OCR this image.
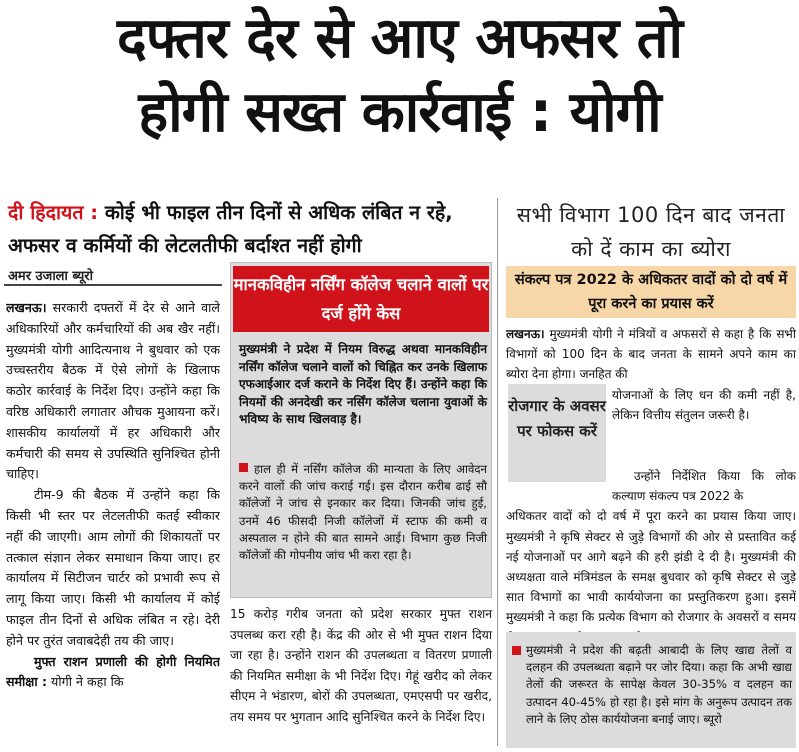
दफ्तर देर से आए अफसर तो
होगी सख्त कार्रवाई : योगी
दी हिदायत : कोई भी फाइल तीन दिनों से अधिक लंबित न रहे, अफसर व कर्मियों की लेटलतीफी बर्दाश्त नहीं होगी
अमर उजाला ब्यूरो

लखनऊ। सरकारी दफ्तरों में देर से आने वाले अधिकारियों और कर्मचारियों की अब खैर नहीं। मुख्यमंत्री योगी आदित्यनाथ ने बुधवार को एक उच्चस्तरीय बैठक में ऐसे लोगों के खिलाफ कठोर कार्रवाई के निर्देश दिए। उन्होंने कहा कि वरिष्ठ अधिकारी लगातार औचक मुआयना करें। शासकीय कार्यालयों में हर अधिकारी और कर्मचारी की समय से उपस्थिति सुनिश्चित होनी चाहिए।

टीम-9 की बैठक में उन्होंने कहा कि किसी भी स्तर पर लेटलतीफी कतई स्वीकार नहीं की जाएगी। आम लोगों की शिकायतों पर तत्काल संज्ञान लेकर समाधान किया जाए। हर कार्यालय में सिटीजन चार्टर को प्रभावी रूप से लागू किया जाए। किसी भी कार्यालय में कोई फाइल तीन दिनों से अधिक लंबित न रहे। देरी होने पर तुरंत जवाबदेही तय की जाए।

मुफ्त राशन प्रणाली की होगी नियमित समीक्षा : योगी ने कहा कि

मानकविहीन नर्सिंग कॉलेज चलाने वालों पर दर्ज होंगे केस
मुख्यमंत्री ने प्रदेश में नियम विरुद्ध अथवा मानकविहीन नर्सिंग कॉलेज चलाने वालों को चिह्नित कर उनके खिलाफ एफआईआर दर्ज कराने के निर्देश दिए हैं। उन्होंने कहा कि नियमों की अनदेखी कर नर्सिंग कॉलेज चलाना युवाओं के भविष्य के साथ खिलवाड़ है।
हाल ही में नर्सिंग कॉलेज की मान्यता के लिए आवेदन करने वालों की जांच कराई गई। इस दौरान करीब ढाई सौ कॉलेजों ने जांच से इनकार कर दिया। जिनकी जांच हुई, उनमें 46 फीसदी निजी कॉलेजों में स्टाफ की कमी व अस्पताल न होने की बात सामने आई। विभाग कुछ निजी कॉलेजों की गोपनीय जांच भी करा रहा है।
15 करोड़ गरीब जनता को प्रदेश सरकार मुफ्त राशन उपलब्ध करा रही है। केंद्र की ओर से भी मुफ्त राशन दिया जा रहा है। उन्होंने राशन की उपलब्धता व वितरण प्रणाली की नियमित समीक्षा के भी निर्देश दिए। गेहूं खरीद को लेकर सीएम ने भंडारण, बोरों की उपलब्धता, एमएसपी पर खरीद, तय समय पर भुगतान आदि सुनिश्चित करने के निर्देश दिए।
सभी विभाग 100 दिन बाद जनता को दें काम का ब्योरा
संकल्प पत्र 2022 के अधिकतर वादों को दो वर्ष में पूरा करने का प्रयास करें
लखनऊ। मुख्यमंत्री योगी ने मंत्रियों व अफसरों से कहा है कि सभी विभागों को 100 दिन के बाद जनता के सामने अपने काम का ब्योरा देना होगा। जनहित की
योजनाओं के लिए धन की कमी नहीं है, लेकिन वित्तीय संतुलन जरूरी है।
रोजगार के अवसर पर फोकस करें
उन्होंने निर्देशित किया कि लोक कल्याण संकल्प पत्र 2022 के
अधिकतर वादों को दो वर्ष में पूरा करने का प्रयास किया जाए। मुख्यमंत्री ने कृषि सेक्टर से जुड़े विभागों की ओर से प्रस्तावित कई नई योजनाओं पर आगे बढ़ने की हरी झंडी दे दी है। मुख्यमंत्री की अध्यक्षता वाले मंत्रिमंडल के समक्ष बुधवार को कृषि सेक्टर से जुड़े सात विभागों का भावी कार्ययोजना का प्रस्तुतिकरण हुआ। इसमें मुख्यमंत्री ने कहा कि प्रत्येक विभाग को रोजगार के अवसरों व समय
मुख्यमंत्री ने प्रदेश की बढ़ती आबादी के लिए खाद्य तेलों व दलहन की उपलब्धता बढ़ाने पर जोर दिया। कहा कि अभी खाद्य तेलों की जरूरत के सापेक्ष केवल 30-35% व दलहन का उत्पादन 40-45% हो रहा है। इसे मांग के अनुरूप उत्पादन तक लाने के लिए ठोस कार्ययोजना बनाई जाए। ब्यूरो
